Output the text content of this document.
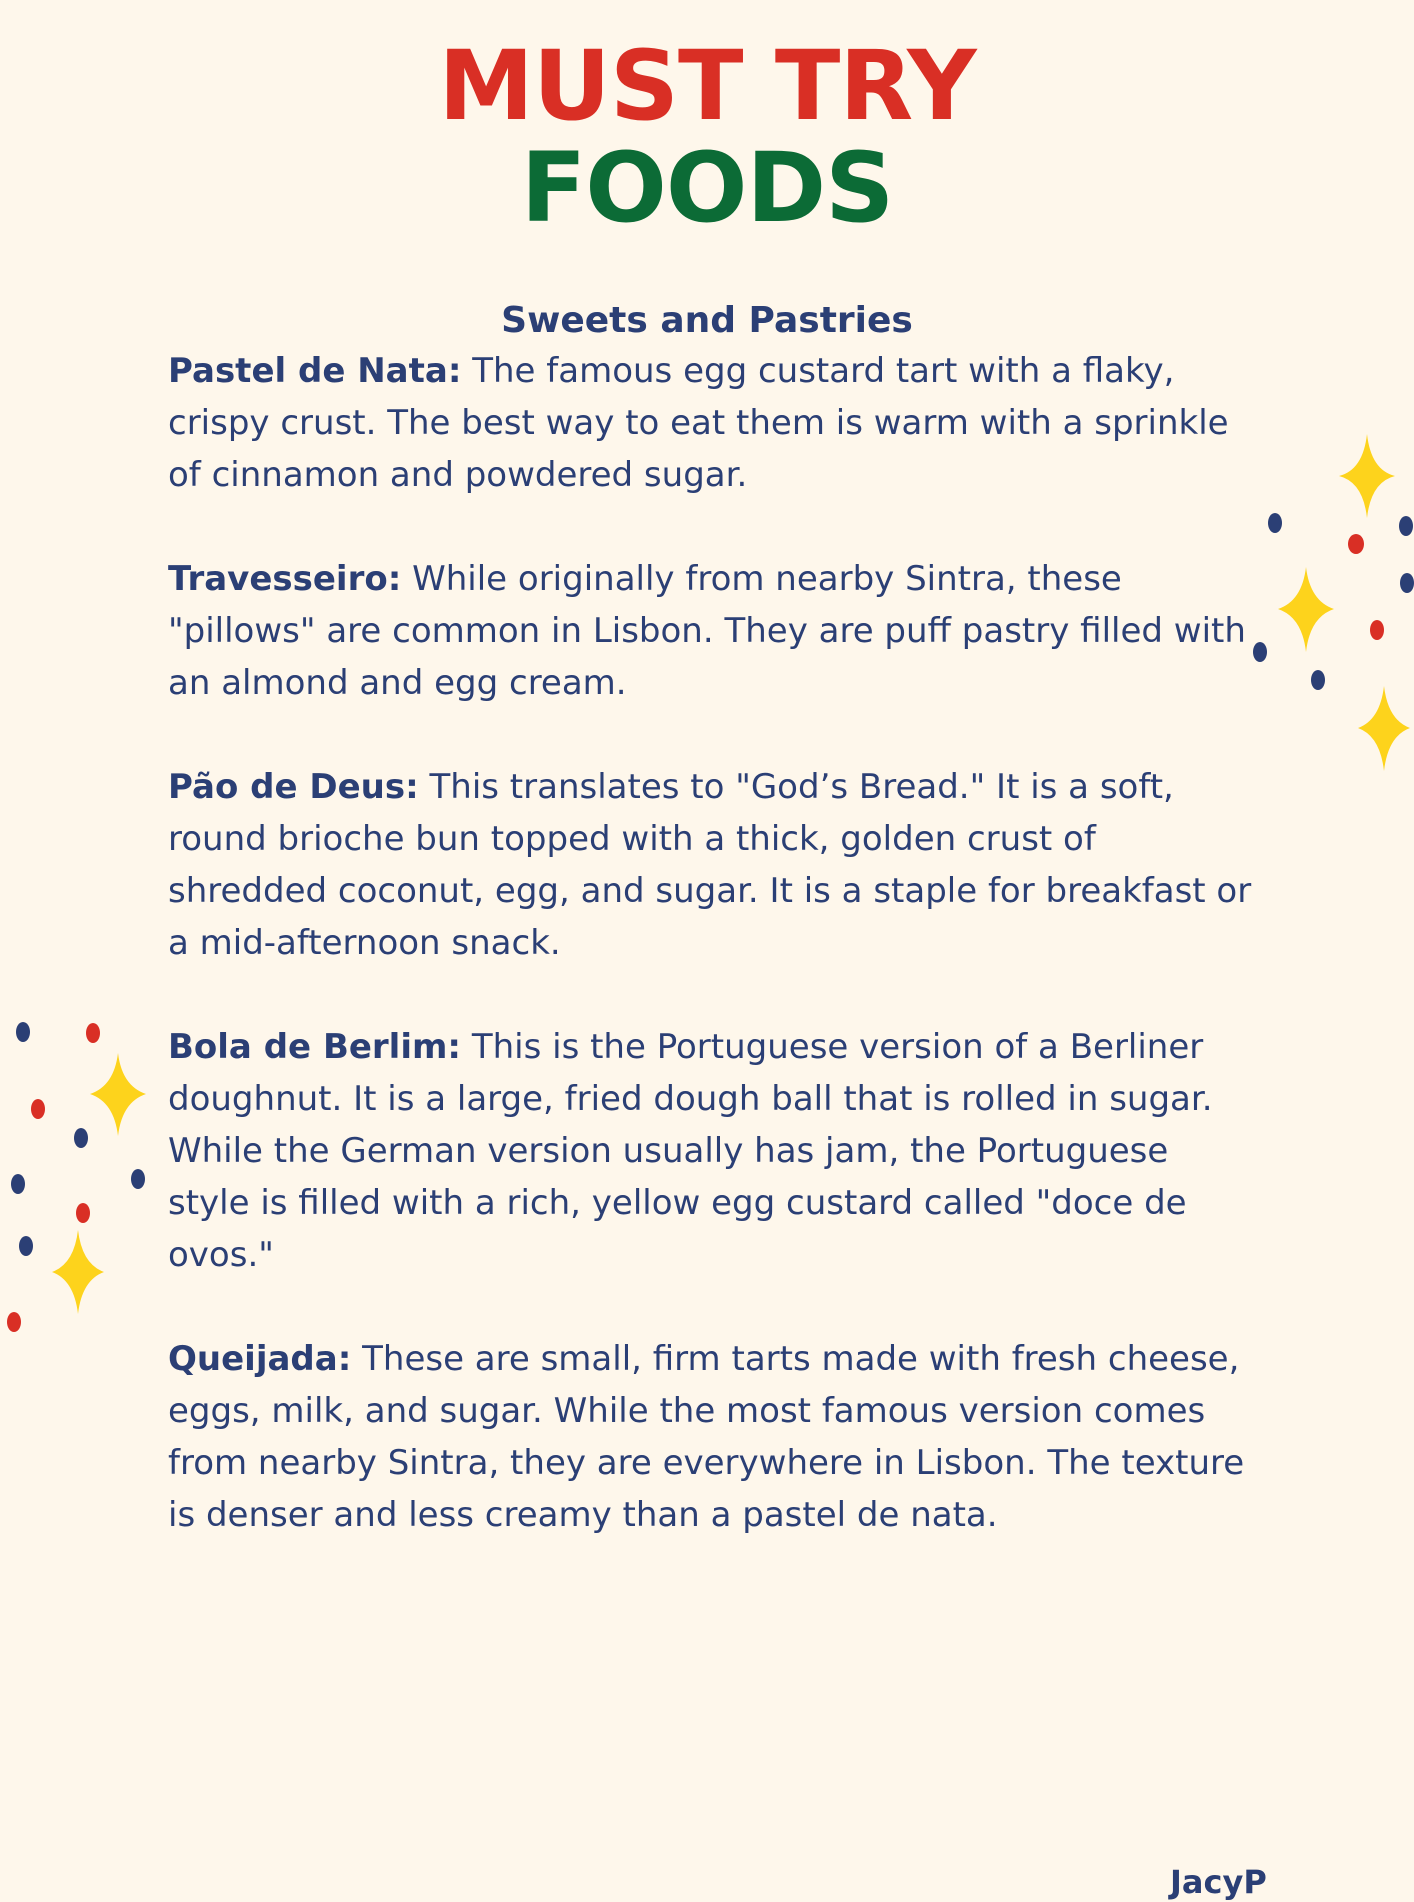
MUST TRY
FOODS
Sweets and Pastries

Pastel de Nata: The famous egg custard tart with a flaky, crispy crust. The best way to eat them is warm with a sprinkle of cinnamon and powdered sugar.

Travesseiro: While originally from nearby Sintra, these "pillows" are common in Lisbon. They are puff pastry filled with an almond and egg cream.

Pão de Deus: This translates to "God’s Bread." It is a soft, round brioche bun topped with a thick, golden crust of shredded coconut, egg, and sugar. It is a staple for breakfast or a mid-afternoon snack.

Bola de Berlim: This is the Portuguese version of a Berliner doughnut. It is a large, fried dough ball that is rolled in sugar. While the German version usually has jam, the Portuguese style is filled with a rich, yellow egg custard called "doce de ovos."

Queijada: These are small, firm tarts made with fresh cheese, eggs, milk, and sugar. While the most famous version comes from nearby Sintra, they are everywhere in Lisbon. The texture is denser and less creamy than a pastel de nata.

JacyP
